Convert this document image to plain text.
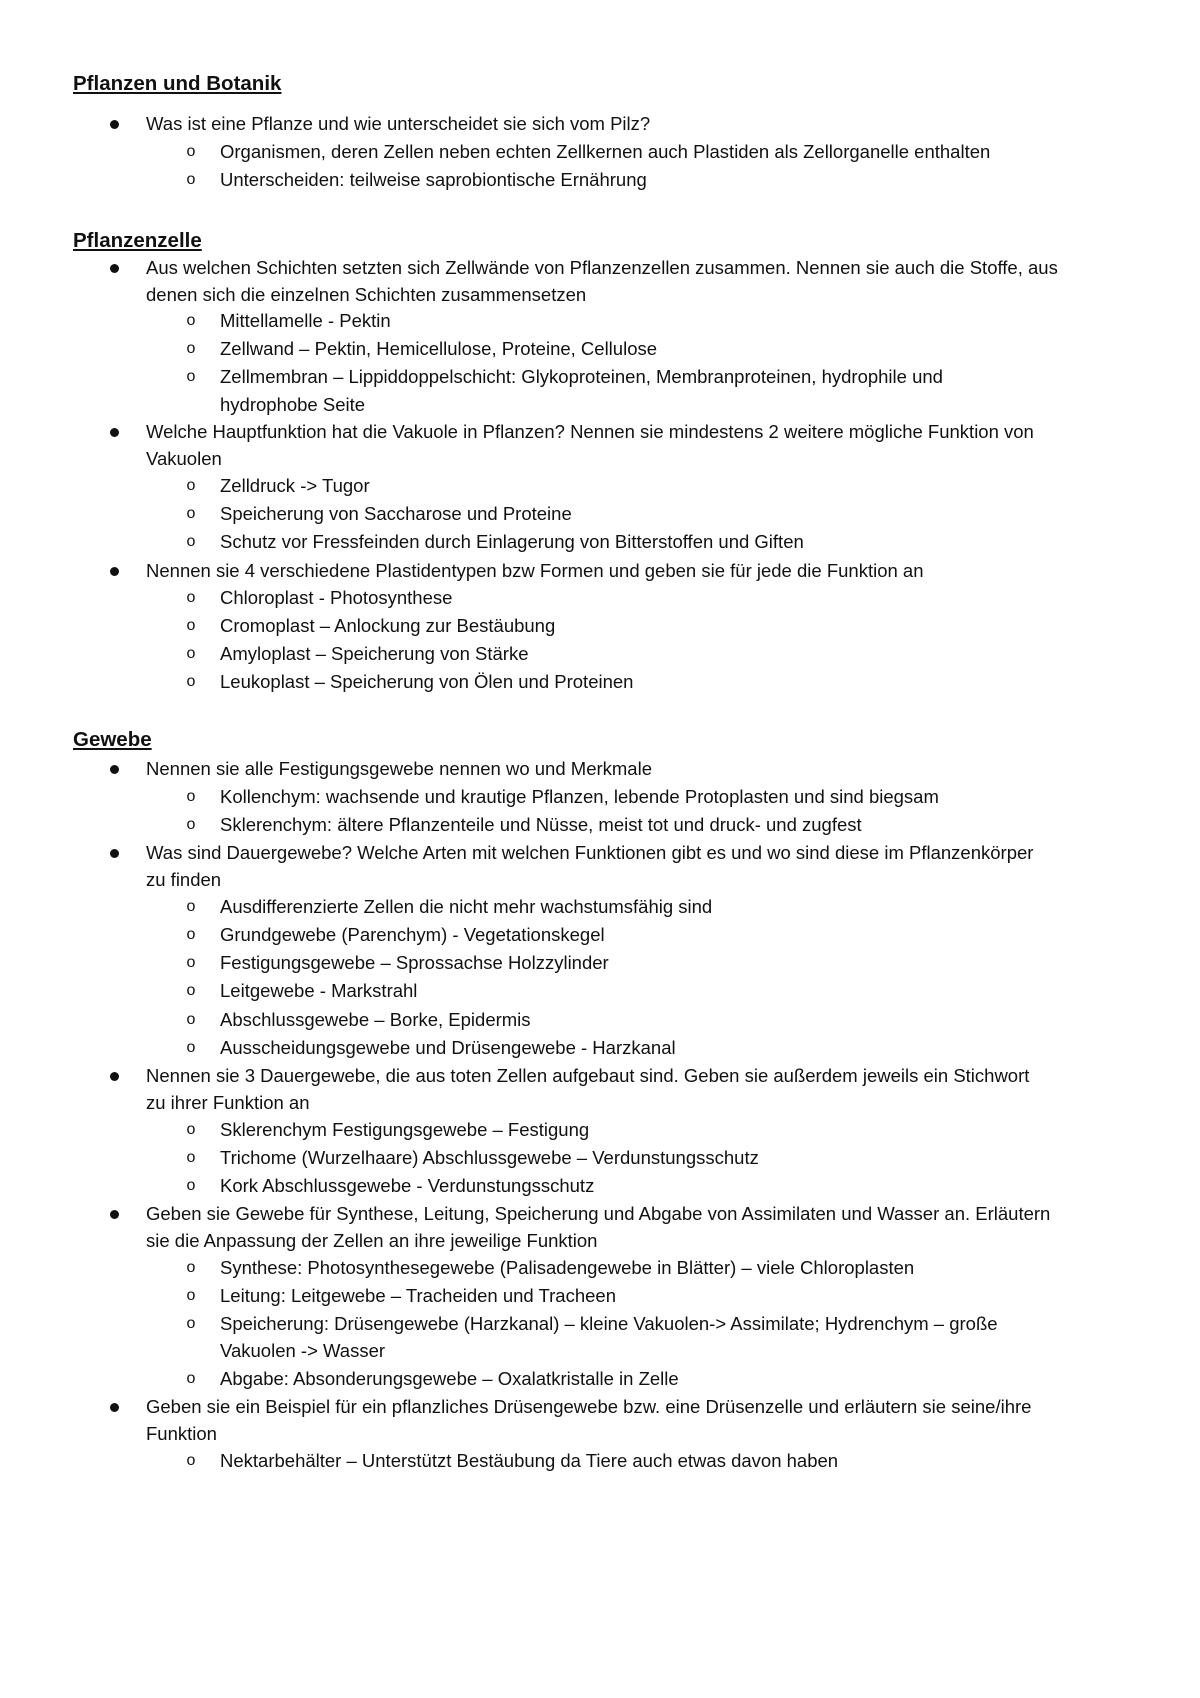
Pflanzen und Botanik
Was ist eine Pflanze und wie unterscheidet sie sich vom Pilz?
o Organismen, deren Zellen neben echten Zellkernen auch Plastiden als Zellorganelle enthalten
o Unterscheiden: teilweise saprobiontische Ernährung
Pflanzenzelle
Aus welchen Schichten setzten sich Zellwände von Pflanzenzellen zusammen. Nennen sie auch die Stoffe, aus
denen sich die einzelnen Schichten zusammensetzen
o Mittellamelle - Pektin
o Zellwand – Pektin, Hemicellulose, Proteine, Cellulose
o Zellmembran – Lippiddoppelschicht: Glykoproteinen, Membranproteinen, hydrophile und
hydrophobe Seite
Welche Hauptfunktion hat die Vakuole in Pflanzen? Nennen sie mindestens 2 weitere mögliche Funktion von
Vakuolen
o Zelldruck -> Tugor
o Speicherung von Saccharose und Proteine
o Schutz vor Fressfeinden durch Einlagerung von Bitterstoffen und Giften
Nennen sie 4 verschiedene Plastidentypen bzw Formen und geben sie für jede die Funktion an
o Chloroplast - Photosynthese
o Cromoplast – Anlockung zur Bestäubung
o Amyloplast – Speicherung von Stärke
o Leukoplast – Speicherung von Ölen und Proteinen
Gewebe
Nennen sie alle Festigungsgewebe nennen wo und Merkmale
o Kollenchym: wachsende und krautige Pflanzen, lebende Protoplasten und sind biegsam
o Sklerenchym: ältere Pflanzenteile und Nüsse, meist tot und druck- und zugfest
Was sind Dauergewebe? Welche Arten mit welchen Funktionen gibt es und wo sind diese im Pflanzenkörper
zu finden
o Ausdifferenzierte Zellen die nicht mehr wachstumsfähig sind
o Grundgewebe (Parenchym) - Vegetationskegel
o Festigungsgewebe – Sprossachse Holzzylinder
o Leitgewebe - Markstrahl
o Abschlussgewebe – Borke, Epidermis
o Ausscheidungsgewebe und Drüsengewebe - Harzkanal
Nennen sie 3 Dauergewebe, die aus toten Zellen aufgebaut sind. Geben sie außerdem jeweils ein Stichwort
zu ihrer Funktion an
o Sklerenchym Festigungsgewebe – Festigung
o Trichome (Wurzelhaare) Abschlussgewebe – Verdunstungsschutz
o Kork Abschlussgewebe - Verdunstungsschutz
Geben sie Gewebe für Synthese, Leitung, Speicherung und Abgabe von Assimilaten und Wasser an. Erläutern
sie die Anpassung der Zellen an ihre jeweilige Funktion
o Synthese: Photosynthesegewebe (Palisadengewebe in Blätter) – viele Chloroplasten
o Leitung: Leitgewebe – Tracheiden und Tracheen
o Speicherung: Drüsengewebe (Harzkanal) – kleine Vakuolen-> Assimilate; Hydrenchym – große
Vakuolen -> Wasser
o Abgabe: Absonderungsgewebe – Oxalatkristalle in Zelle
Geben sie ein Beispiel für ein pflanzliches Drüsengewebe bzw. eine Drüsenzelle und erläutern sie seine/ihre
Funktion
o Nektarbehälter – Unterstützt Bestäubung da Tiere auch etwas davon haben
